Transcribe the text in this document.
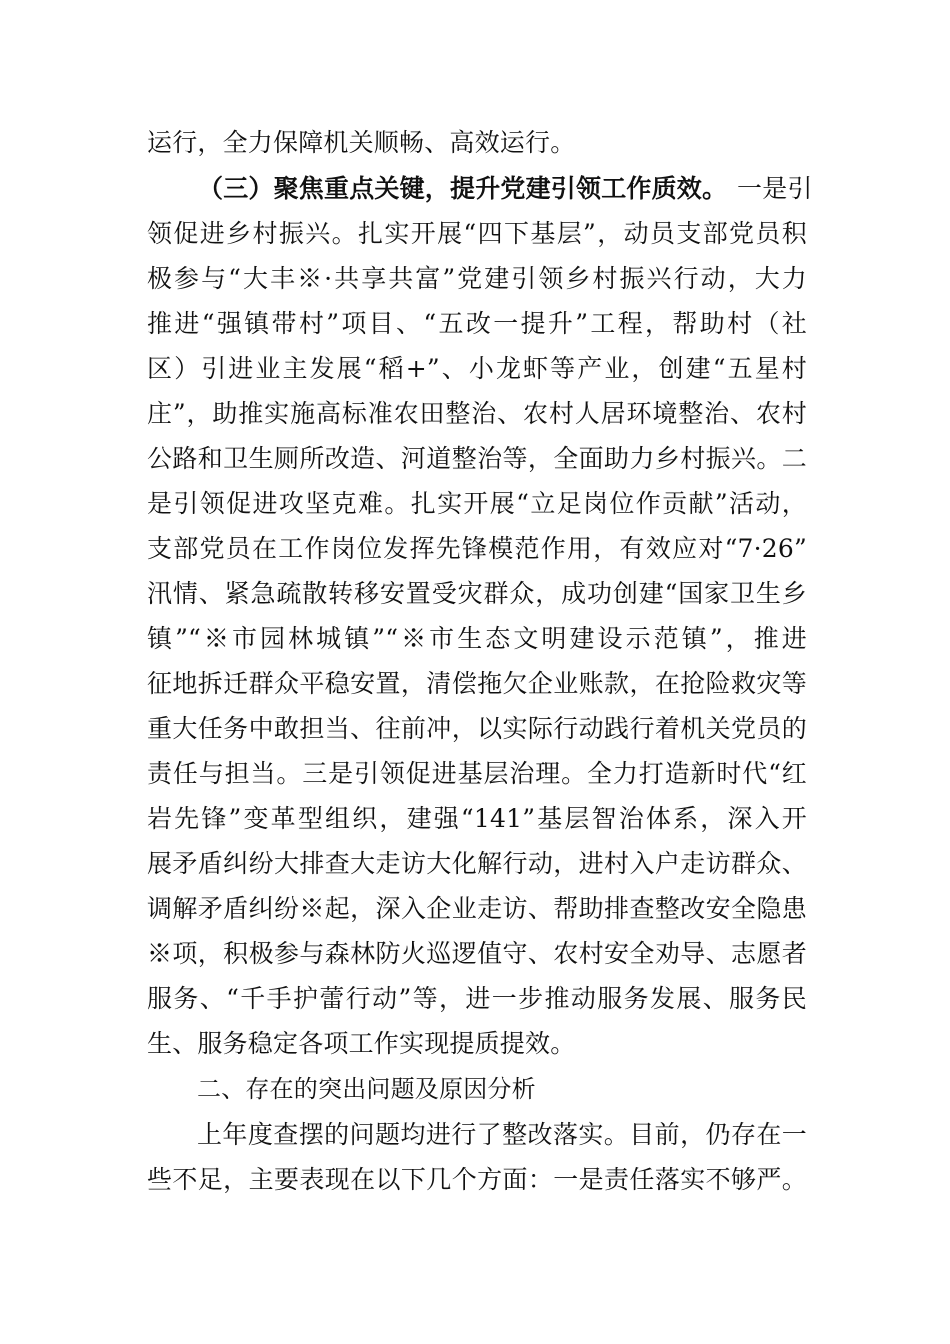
运行，全力保障机关顺畅、高效运行。
（三）聚焦重点关键，提升党建引领工作质效。 一是引
领促进乡村振兴。扎实开展“四下基层”，动员支部党员积
极参与“大丰※·共享共富”党建引领乡村振兴行动，大力
推进“强镇带村”项目、“五改一提升”工程，帮助村（社
区）引进业主发展“稻+”、小龙虾等产业，创建“五星村
庄”，助推实施高标准农田整治、农村人居环境整治、农村
公路和卫生厕所改造、河道整治等，全面助力乡村振兴。二
是引领促进攻坚克难。扎实开展“立足岗位作贡献”活动，
支部党员在工作岗位发挥先锋模范作用，有效应对“7·26”
汛情、紧急疏散转移安置受灾群众，成功创建“国家卫生乡
镇”“※市园林城镇”“※市生态文明建设示范镇”，推进
征地拆迁群众平稳安置，清偿拖欠企业账款，在抢险救灾等
重大任务中敢担当、往前冲，以实际行动践行着机关党员的
责任与担当。三是引领促进基层治理。全力打造新时代“红
岩先锋”变革型组织，建强“141”基层智治体系，深入开
展矛盾纠纷大排查大走访大化解行动，进村入户走访群众、
调解矛盾纠纷※起，深入企业走访、帮助排查整改安全隐患
※项，积极参与森林防火巡逻值守、农村安全劝导、志愿者
服务、“千手护蕾行动”等，进一步推动服务发展、服务民
生、服务稳定各项工作实现提质提效。
二、存在的突出问题及原因分析
上年度查摆的问题均进行了整改落实。目前，仍存在一
些不足，主要表现在以下几个方面：一是责任落实不够严。
